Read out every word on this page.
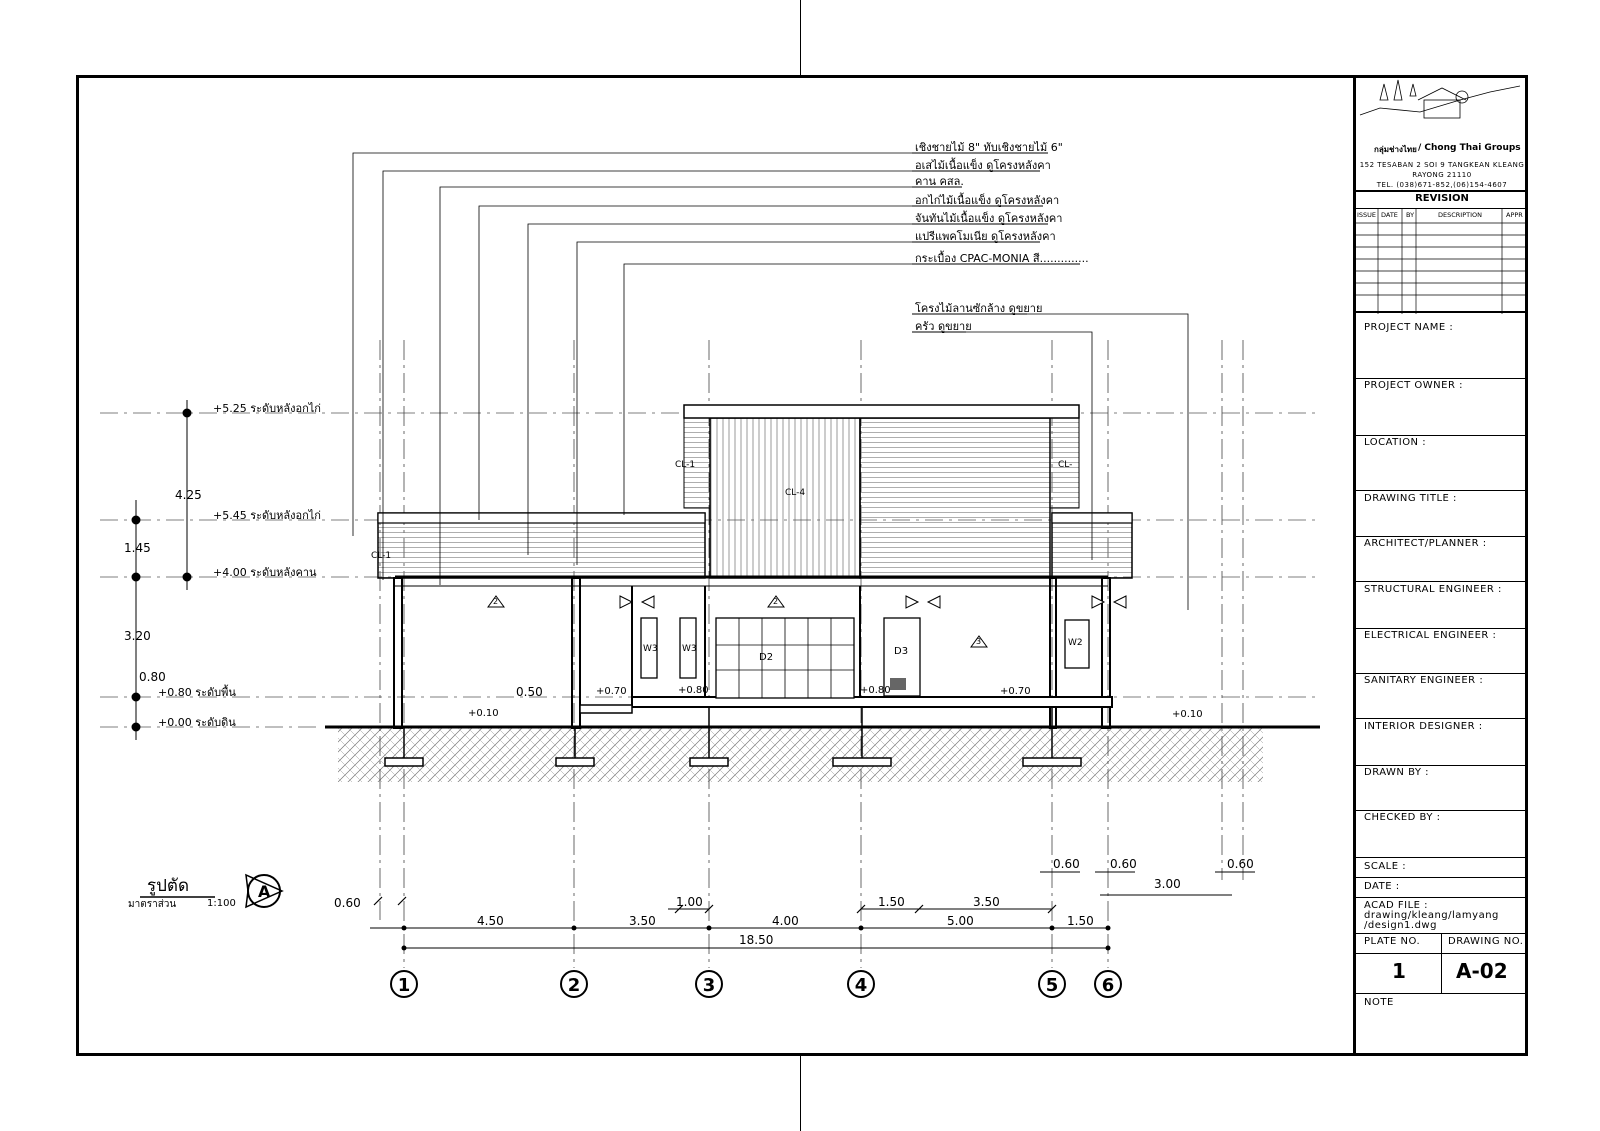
เชิงชายไม้ 8" ทับเชิงชายไม้ 6"
อเสไม้เนื้อแข็ง ดูโครงหลังคา
คาน คสล.
อกไก่ไม้เนื้อแข็ง ดูโครงหลังคา
จันทันไม้เนื้อแข็ง ดูโครงหลังคา
แปรีแพคโมเนีย ดูโครงหลังคา
กระเบื้อง CPAC-MONIA สี..............
โครงไม้ลานซักล้าง ดูขยาย
ครัว ดูขยาย
+5.25 ระดับหลังอกไก่
+5.45 ระดับหลังอกไก่
+4.00 ระดับหลังคาน
+0.80 ระดับพื้น
+0.00 ระดับดิน
4.25
1.45
3.20
0.80
+0.10
+0.70	+0.80	+0.80	+0.70
+0.10
0.50
CL-1
CL-4
CL-
CL-1
W3	W3
D2
D3
W2
2	2
3
0.60
4.50	3.50
1.00
4.00
1.50	3.50
5.00	1.50
18.50
0.60	0.60	0.60
3.00
1	2	3	4	5	6
รูปตัด
มาตราส่วน	1:100
A
กลุ่มช่างไทย / Chong Thai Groups
152 TESABAN 2 SOI 9 TANGKEAN KLEANG
RAYONG 21110
TEL. (038)671-852,(06)154-4607
REVISION
ISSUE DATE BY	DESCRIPTION	APPR
PROJECT NAME :
PROJECT OWNER :
LOCATION :
DRAWING TITLE :
ARCHITECT/PLANNER :
STRUCTURAL ENGINEER :
ELECTRICAL ENGINEER :
SANITARY ENGINEER :
INTERIOR DESIGNER :
DRAWN BY :
CHECKED BY :
SCALE :
DATE :
ACAD FILE :
drawing/kleang/lamyang
/design1.dwg
PLATE NO.	DRAWING NO.
1	A-02
NOTE
